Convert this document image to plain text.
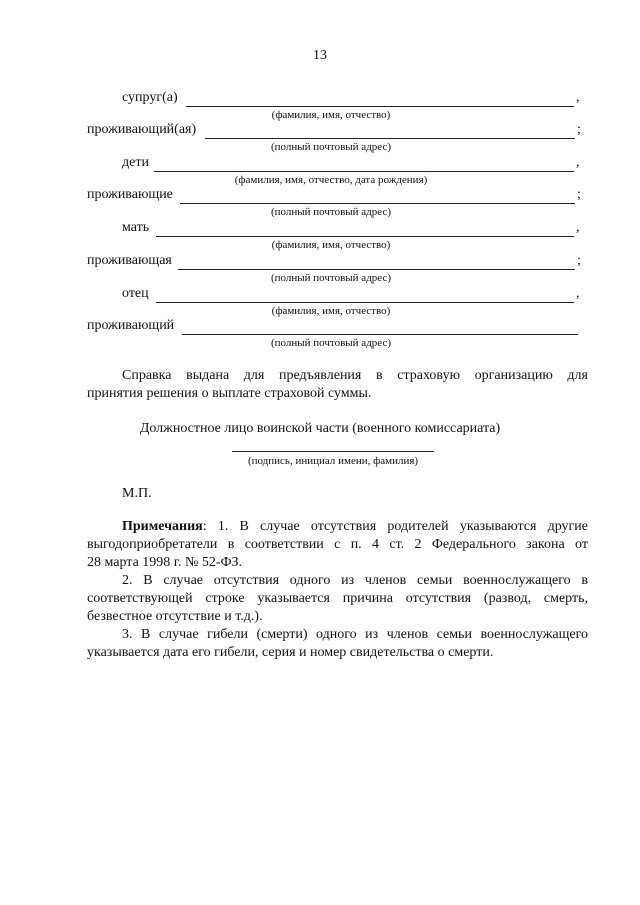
13
супруг(а)	,
(фамилия, имя, отчество)
проживающий(ая)	;
(полный почтовый адрес)
дети	,
(фамилия, имя, отчество, дата рождения)
проживающие	;
(полный почтовый адрес)
мать	,
(фамилия, имя, отчество)
проживающая	;
(полный почтовый адрес)
отец	,
(фамилия, имя, отчество)
проживающий
(полный почтовый адрес)
Справка выдана для предъявления в страховую организацию для
принятия решения о выплате страховой суммы.
Должностное лицо воинской части (военного комиссариата)
(подпись, инициал имени, фамилия)
М.П.
Примечания: 1. В случае отсутствия родителей указываются другие
выгодоприобретатели в соответствии с п. 4 ст. 2 Федерального закона от
28 марта 1998 г. № 52-ФЗ.
2. В случае отсутствия одного из членов семьи военнослужащего в
соответствующей строке указывается причина отсутствия (развод, смерть,
безвестное отсутствие и т.д.).
3. В случае гибели (смерти) одного из членов семьи военнослужащего
указывается дата его гибели, серия и номер свидетельства о смерти.
